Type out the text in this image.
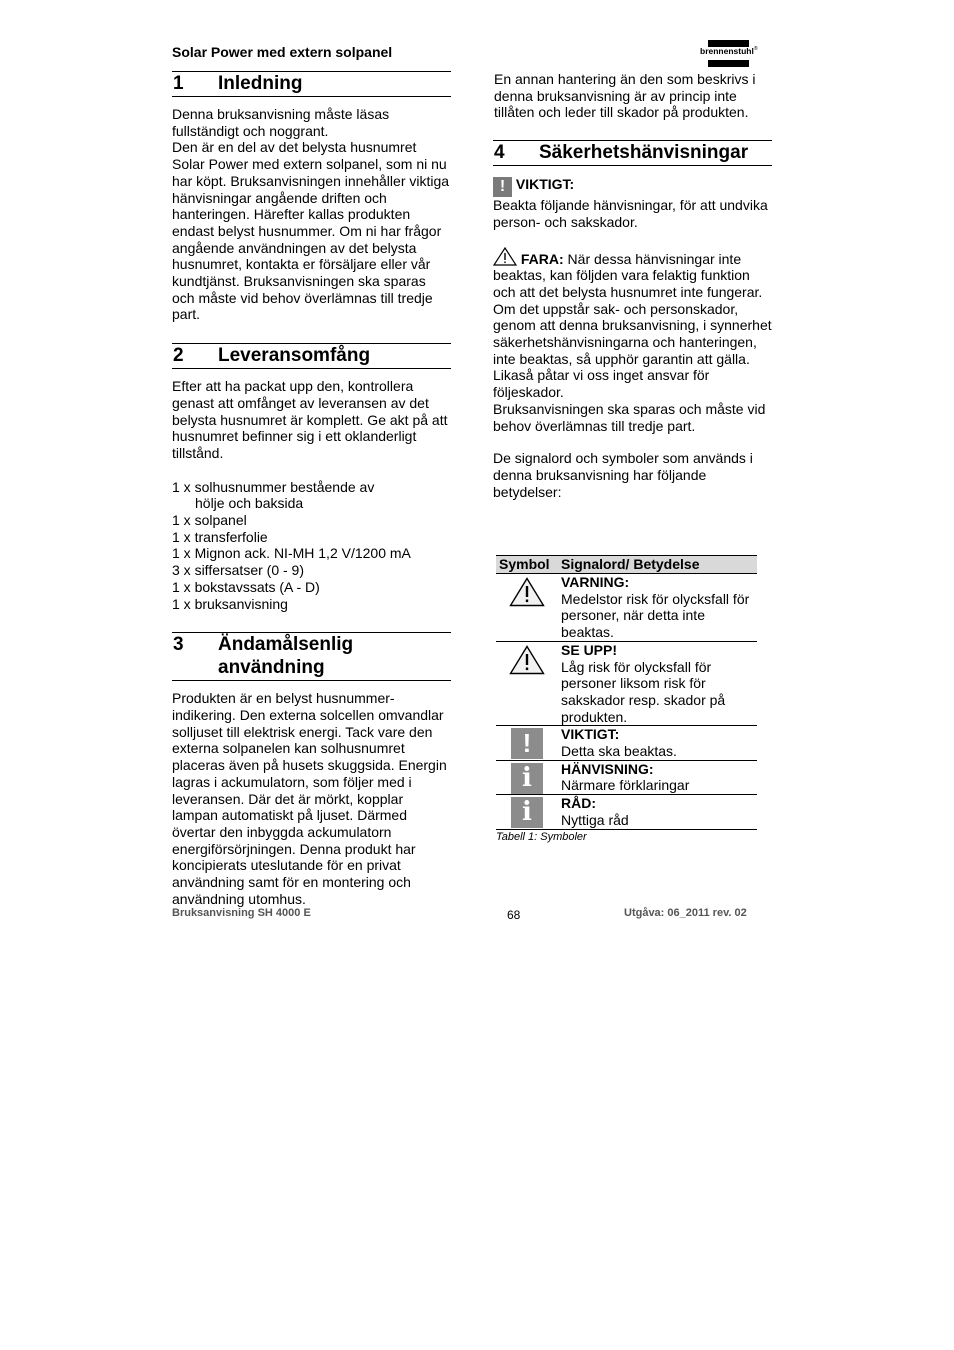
Solar Power med extern solpanel	brennenstuhl®
1	Inledning

Denna bruksanvisning måste läsas fullständigt och noggrant.

Den är en del av det belysta husnumret Solar Power med extern solpanel, som ni nu har köpt. Bruksanvisningen innehåller viktiga hänvisningar angående driften och hanteringen. Härefter kallas produkten endast belyst husnummer. Om ni har frågor angående användningen av det belysta husnumret, kontakta er försäljare eller vår kundtjänst. Bruksanvisningen ska sparas och måste vid behov överlämnas till tredje part.

2	Leveransomfång

Efter att ha packat upp den, kontrollera genast att omfånget av leveransen av det belysta husnumret är komplett. Ge akt på att husnumret befinner sig i ett oklanderligt tillstånd.

1 x solhusnummer bestående av
hölje och baksida
1 x solpanel
1 x transferfolie
1 x Mignon ack. NI-MH 1,2 V/1200 mA
3 x siffersatser (0 - 9)
1 x bokstavssats (A - D)
1 x bruksanvisning
3	Ändamålsenlig
användning

Produkten är en belyst husnummer-indikering. Den externa solcellen omvandlar solljuset till elektrisk energi. Tack vare den externa solpanelen kan solhusnumret placeras även på husets skuggsida. Energin lagras i ackumulatorn, som följer med i leveransen. Där det är mörkt, kopplar lampan automatiskt på ljuset. Därmed övertar den inbyggda ackumulatorn energiförsörjningen. Denna produkt har koncipierats uteslutande för en privat användning samt för en montering och användning utomhus.

En annan hantering än den som beskrivs i denna bruksanvisning är av princip inte tillåten och leder till skador på produkten.

4	Säkerhetshänvisningar
! VIKTIGT:

Beakta följande hänvisningar, för att undvika person- och sakskador.

FARA: När dessa hänvisningar inte beaktas, kan följden vara felaktig funktion och att det belysta husnumret inte fungerar.

Om det uppstår sak- och personskador, genom att denna bruksanvisning, i synnerhet säkerhetshänvisningarna och hanteringen, inte beaktas, så upphör garantin att gälla.

Likaså påtar vi oss inget ansvar för följeskador.

Bruksanvisningen ska sparas och måste vid behov överlämnas till tredje part.

De signalord och symboler som används i denna bruksanvisning har följande betydelser:

Symbol	Signalord/ Betydelse
	VARNING:
Medelstor risk för olycksfall för personer, när detta inte beaktas.
	SE UPP!
Låg risk för olycksfall för personer liksom risk för sakskador resp. skador på produkten.

!	VIKTIGT:
Detta ska beaktas.

i	HÄNVISNING:
Närmare förklaringar

i	RÅD:
Nyttiga råd
Tabell 1: Symboler
Bruksanvisning SH 4000 E	68	Utgåva: 06_2011 rev. 02
